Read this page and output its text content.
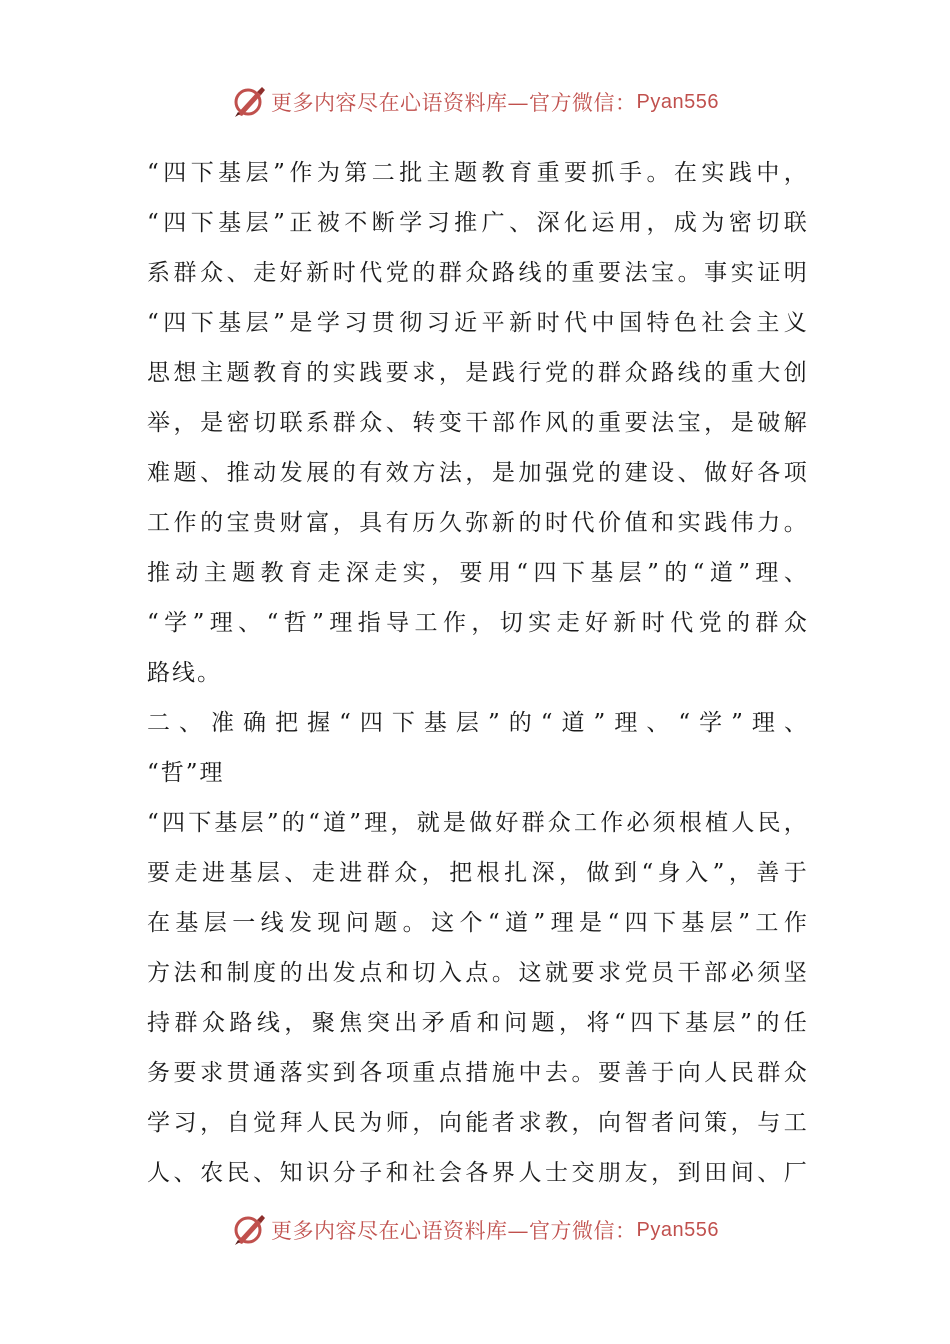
更多内容尽在心语资料库—官方微信： Pyan556
“ 四 下 基 层 ” 作 为 第 二 批 主 题 教 育 重 要 抓 手 。 在 实 践 中 ，
“ 四 下 基 层 ” 正 被 不 断 学 习 推 广 、 深 化 运 用 ， 成 为 密 切 联
系 群 众 、 走 好 新 时 代 党 的 群 众 路 线 的 重 要 法 宝 。 事 实 证 明
“ 四 下 基 层 ” 是 学 习 贯 彻 习 近 平 新 时 代 中 国 特 色 社 会 主 义
思 想 主 题 教 育 的 实 践 要 求 ， 是 践 行 党 的 群 众 路 线 的 重 大 创
举 ， 是 密 切 联 系 群 众 、 转 变 干 部 作 风 的 重 要 法 宝 ， 是 破 解
难 题 、 推 动 发 展 的 有 效 方 法 ， 是 加 强 党 的 建 设 、 做 好 各 项
工 作 的 宝 贵 财 富 ， 具 有 历 久 弥 新 的 时 代 价 值 和 实 践 伟 力 。
推 动 主 题 教 育 走 深 走 实 ， 要 用 “ 四 下 基 层 ” 的 “ 道 ” 理 、
“ 学 ” 理 、 “ 哲 ” 理 指 导 工 作 ， 切 实 走 好 新 时 代 党 的 群 众
路线。
二 、 准 确 把 握 “ 四 下 基 层 ” 的 “ 道 ” 理 、 “ 学 ” 理 、
“哲”理
“ 四 下 基 层 ” 的 “ 道 ” 理 ， 就 是 做 好 群 众 工 作 必 须 根 植 人 民 ，
要 走 进 基 层 、 走 进 群 众 ， 把 根 扎 深 ， 做 到 “ 身 入 ” ， 善 于
在 基 层 一 线 发 现 问 题 。 这 个 “ 道 ” 理 是 “ 四 下 基 层 ” 工 作
方 法 和 制 度 的 出 发 点 和 切 入 点 。 这 就 要 求 党 员 干 部 必 须 坚
持 群 众 路 线 ， 聚 焦 突 出 矛 盾 和 问 题 ， 将 “ 四 下 基 层 ” 的 任
务 要 求 贯 通 落 实 到 各 项 重 点 措 施 中 去 。 要 善 于 向 人 民 群 众
学 习 ， 自 觉 拜 人 民 为 师 ， 向 能 者 求 教 ， 向 智 者 问 策 ， 与 工
人 、 农 民 、 知 识 分 子 和 社 会 各 界 人 士 交 朋 友 ， 到 田 间 、 厂
更多内容尽在心语资料库—官方微信： Pyan556
